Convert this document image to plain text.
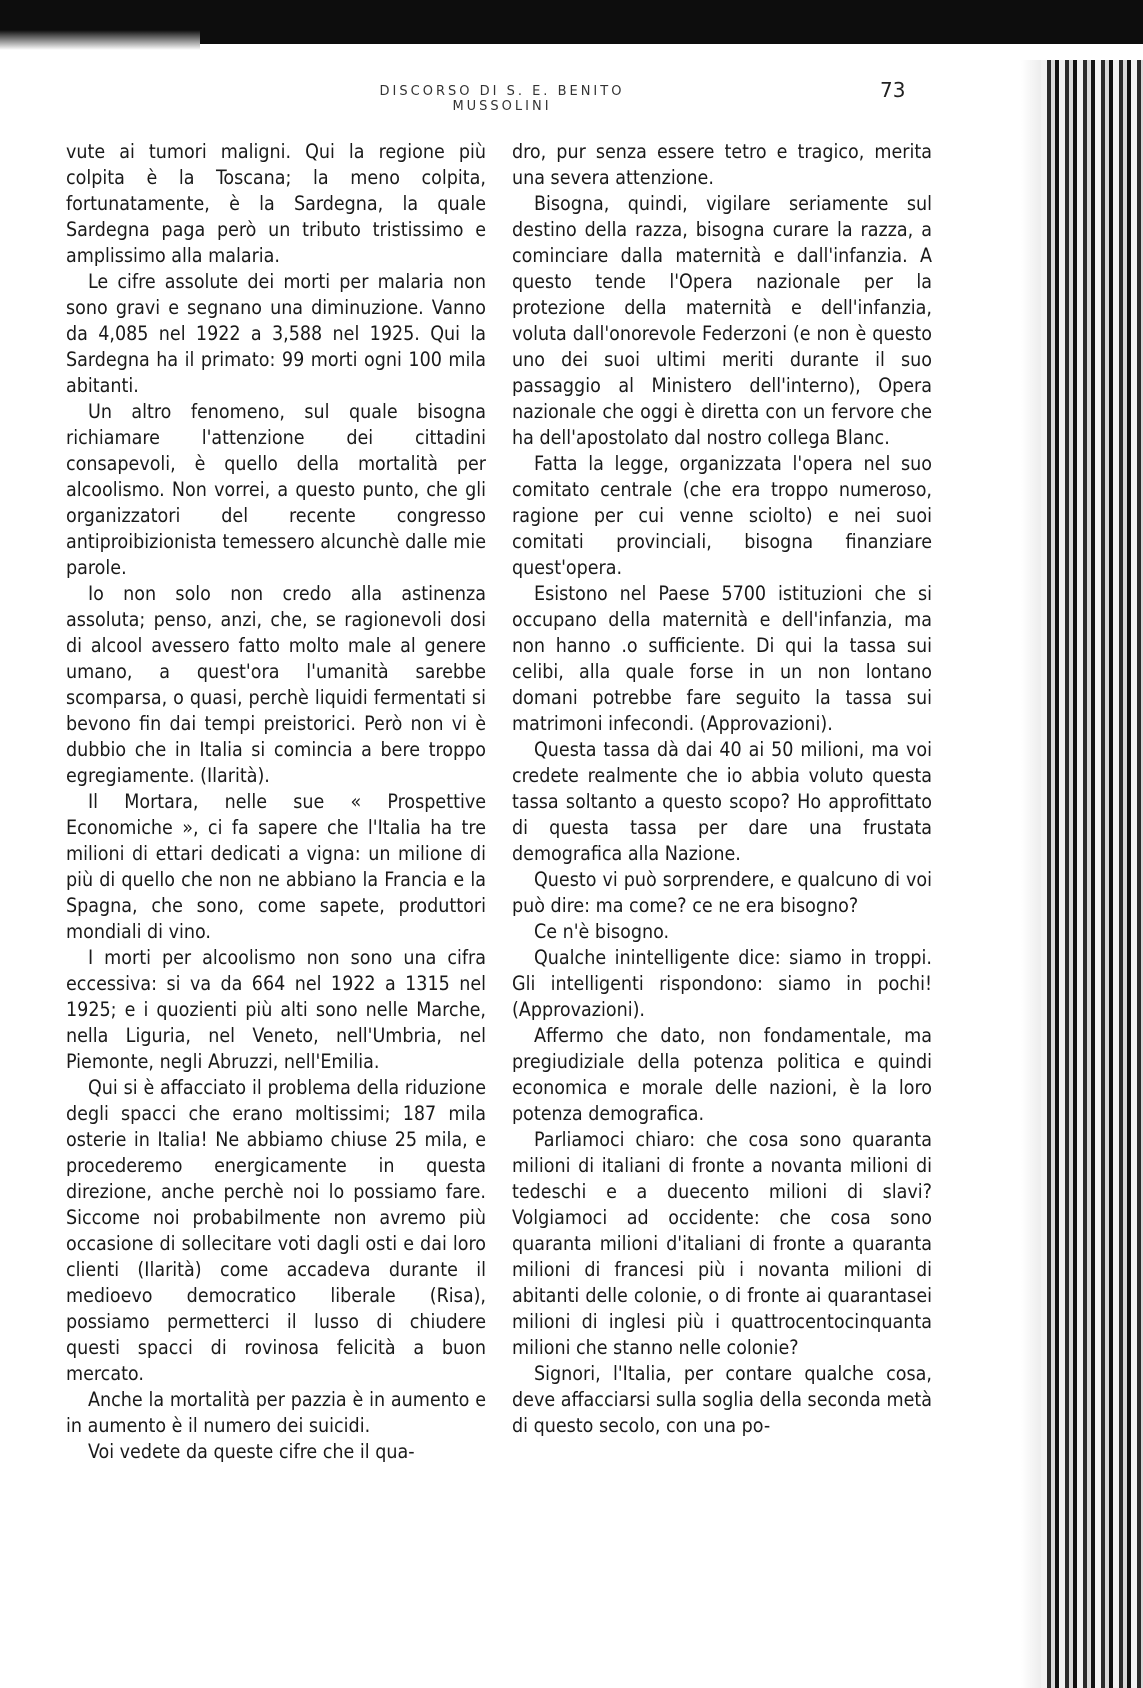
DISCORSO DI S. E. BENITO MUSSOLINI
73

vute ai tumori maligni. Qui la regione più colpita è la Toscana; la meno colpita, fortunatamente, è la Sardegna, la quale Sardegna paga però un tributo tristissimo e amplissimo alla malaria.

Le cifre assolute dei morti per malaria non sono gravi e segnano una diminuzione. Vanno da 4,085 nel 1922 a 3,588 nel 1925. Qui la Sardegna ha il primato: 99 morti ogni 100 mila abitanti.

Un altro fenomeno, sul quale bisogna richiamare l'attenzione dei cittadini consapevoli, è quello della mortalità per alcoolismo. Non vorrei, a questo punto, che gli organizzatori del recente congresso antiproibizionista temessero alcunchè dalle mie parole.

Io non solo non credo alla astinenza assoluta; penso, anzi, che, se ragionevoli dosi di alcool avessero fatto molto male al genere umano, a quest'ora l'umanità sarebbe scomparsa, o quasi, perchè liquidi fermentati si bevono fin dai tempi preistorici. Però non vi è dubbio che in Italia si comincia a bere troppo egregiamente. (Ilarità).

Il Mortara, nelle sue « Prospettive Economiche », ci fa sapere che l'Italia ha tre milioni di ettari dedicati a vigna: un milione di più di quello che non ne abbiano la Francia e la Spagna, che sono, come sapete, produttori mondiali di vino.

I morti per alcoolismo non sono una cifra eccessiva: si va da 664 nel 1922 a 1315 nel 1925; e i quozienti più alti sono nelle Marche, nella Liguria, nel Veneto, nell'Umbria, nel Piemonte, negli Abruzzi, nell'Emilia.

Qui si è affacciato il problema della riduzione degli spacci che erano moltissimi; 187 mila osterie in Italia! Ne abbiamo chiuse 25 mila, e procederemo energicamente in questa direzione, anche perchè noi lo possiamo fare. Siccome noi probabilmente non avremo più occasione di sollecitare voti dagli osti e dai loro clienti (Ilarità) come accadeva durante il medioevo democratico liberale (Risa), possiamo permetterci il lusso di chiudere questi spacci di rovinosa felicità a buon mercato.

Anche la mortalità per pazzia è in aumento e in aumento è il numero dei suicidi.

Voi vedete da queste cifre che il qua-

dro, pur senza essere tetro e tragico, merita una severa attenzione.

Bisogna, quindi, vigilare seriamente sul destino della razza, bisogna curare la razza, a cominciare dalla maternità e dall'infanzia. A questo tende l'Opera nazionale per la protezione della maternità e dell'infanzia, voluta dall'onorevole Federzoni (e non è questo uno dei suoi ultimi meriti durante il suo passaggio al Ministero dell'interno), Opera nazionale che oggi è diretta con un fervore che ha dell'apostolato dal nostro collega Blanc.

Fatta la legge, organizzata l'opera nel suo comitato centrale (che era troppo numeroso, ragione per cui venne sciolto) e nei suoi comitati provinciali, bisogna finanziare quest'opera.

Esistono nel Paese 5700 istituzioni che si occupano della maternità e dell'infanzia, ma non hanno .o sufficiente. Di qui la tassa sui celibi, alla quale forse in un non lontano domani potrebbe fare seguito la tassa sui matrimoni infecondi. (Approvazioni).

Questa tassa dà dai 40 ai 50 milioni, ma voi credete realmente che io abbia voluto questa tassa soltanto a questo scopo? Ho approfittato di questa tassa per dare una frustata demografica alla Nazione.

Questo vi può sorprendere, e qualcuno di voi può dire: ma come? ce ne era bisogno?

Ce n'è bisogno.

Qualche inintelligente dice: siamo in troppi. Gli intelligenti rispondono: siamo in pochi! (Approvazioni).

Affermo che dato, non fondamentale, ma pregiudiziale della potenza politica e quindi economica e morale delle nazioni, è la loro potenza demografica.

Parliamoci chiaro: che cosa sono quaranta milioni di italiani di fronte a novanta milioni di tedeschi e a duecento milioni di slavi? Volgiamoci ad occidente: che cosa sono quaranta milioni d'italiani di fronte a quaranta milioni di francesi più i novanta milioni di abitanti delle colonie, o di fronte ai quarantasei milioni di inglesi più i quattrocentocinquanta milioni che stanno nelle colonie?

Signori, l'Italia, per contare qualche cosa, deve affacciarsi sulla soglia della seconda metà di questo secolo, con una po-
